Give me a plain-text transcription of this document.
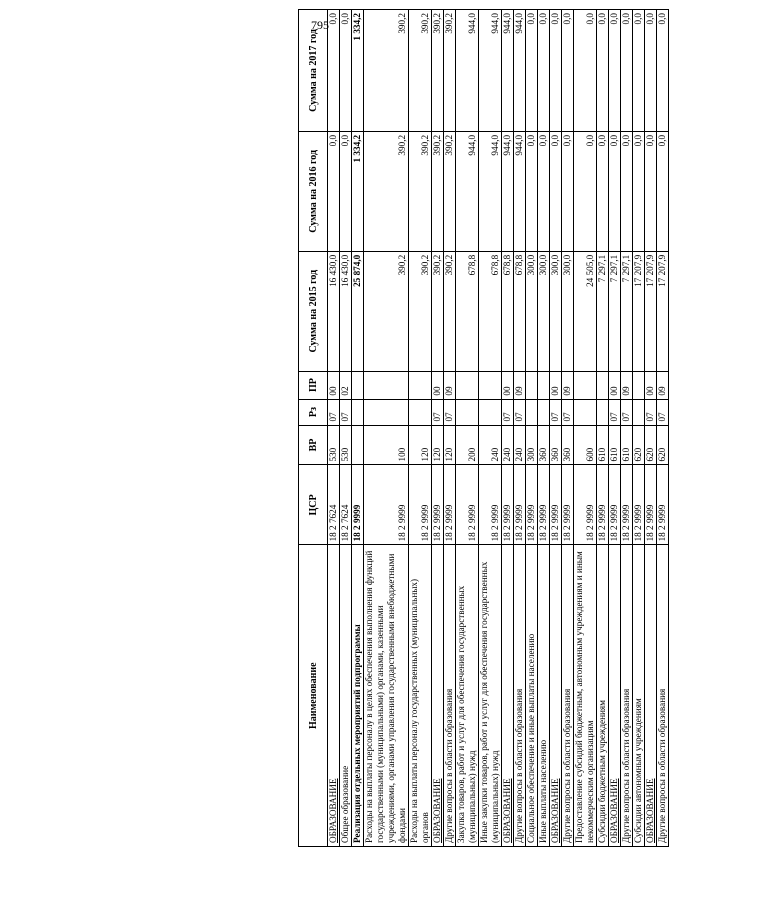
795
Наименование	ЦСР	ВР	Рз	ПР	Сумма на 2015 год	Сумма на 2016 год	Сумма на 2017 год
ОБРАЗОВАНИЕ	18 2 7624	530	07	00	16 430,0	0,0	0,0
Общее образование	18 2 7624	530	07	02	16 430,0	0,0	0,0
Реализация отдельных мероприятий подпрограммы	18 2 9999				25 874,0	1 334,2	1 334,2
Расходы на выплаты персоналу в целях обеспечения выполнения функций государственными (муниципальными) органами, казенными учреждениями, органами управления государственными внебюджетными фондами	18 2 9999	100			390,2	390,2	390,2
Расходы на выплаты персоналу государственных (муниципальных) органов	18 2 9999	120			390,2	390,2	390,2
ОБРАЗОВАНИЕ	18 2 9999	120	07	00	390,2	390,2	390,2
Другие вопросы в области образования	18 2 9999	120	07	09	390,2	390,2	390,2
Закупка товаров, работ и услуг для обеспечения государственных (муниципальных) нужд	18 2 9999	200			678,8	944,0	944,0
Иные закупки товаров, работ и услуг для обеспечения государственных (муниципальных) нужд	18 2 9999	240			678,8	944,0	944,0
ОБРАЗОВАНИЕ	18 2 9999	240	07	00	678,8	944,0	944,0
Другие вопросы в области образования	18 2 9999	240	07	09	678,8	944,0	944,0
Социальное обеспечение и иные выплаты населению	18 2 9999	300			300,0	0,0	0,0
Иные выплаты населению	18 2 9999	360			300,0	0,0	0,0
ОБРАЗОВАНИЕ	18 2 9999	360	07	00	300,0	0,0	0,0
Другие вопросы в области образования	18 2 9999	360	07	09	300,0	0,0	0,0
Предоставление субсидий бюджетным, автономным учреждениям и иным некоммерческим организациям	18 2 9999	600			24 505,0	0,0	0,0
Субсидии бюджетным учреждениям	18 2 9999	610			7 297,1	0,0	0,0
ОБРАЗОВАНИЕ	18 2 9999	610	07	00	7 297,1	0,0	0,0
Другие вопросы в области образования	18 2 9999	610	07	09	7 297,1	0,0	0,0
Субсидии автономным учреждениям	18 2 9999	620			17 207,9	0,0	0,0
ОБРАЗОВАНИЕ	18 2 9999	620	07	00	17 207,9	0,0	0,0
Другие вопросы в области образования	18 2 9999	620	07	09	17 207,9	0,0	0,0
